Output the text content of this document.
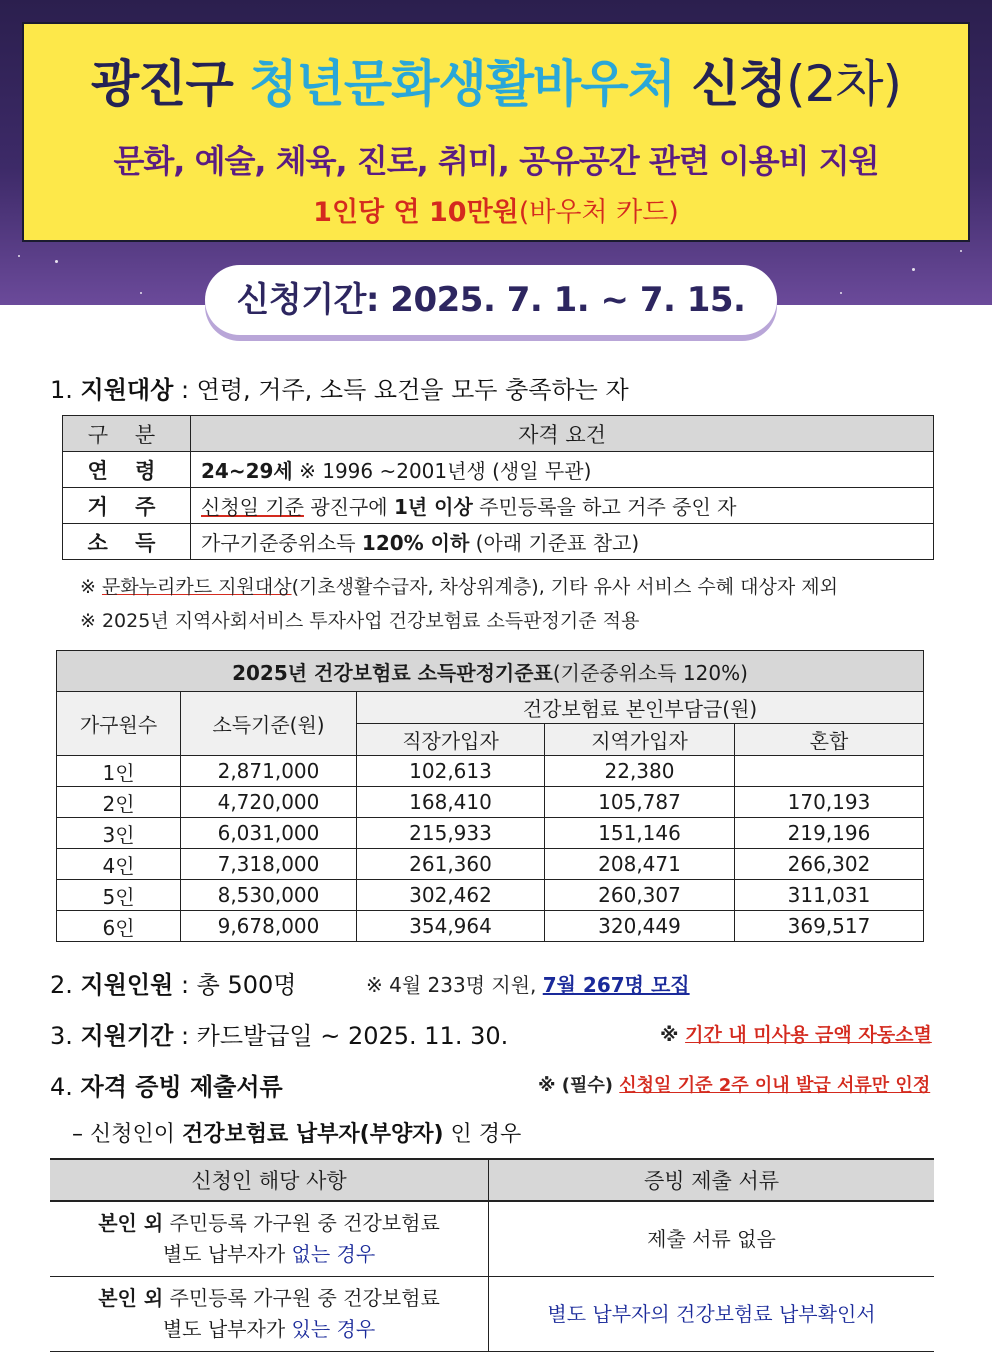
광진구 청년문화생활바우처 신청(2차)
문화, 예술, 체육, 진로, 취미, 공유공간 관련 이용비 지원
1인당 연 10만원(바우처 카드)
신청기간: 2025. 7. 1. ~ 7. 15.
1. 지원대상 : 연령, 거주, 소득 요건을 모두 충족하는 자
구 분	자격 요건
연 령	24~29세 ※ 1996 ~2001년생 (생일 무관)
거 주	신청일 기준 광진구에 1년 이상 주민등록을 하고 거주 중인 자
소 득	가구기준중위소득 120% 이하 (아래 기준표 참고)
※ 문화누리카드 지원대상(기초생활수급자, 차상위계층), 기타 유사 서비스 수혜 대상자 제외
※ 2025년 지역사회서비스 투자사업 건강보험료 소득판정기준 적용
2025년 건강보험료 소득판정기준표(기준중위소득 120%)				
가구원수	소득기준(원)	건강보험료 본인부담금(원)		
		직장가입자	지역가입자	혼합
1인	2,871,000	102,613	22,380	
2인	4,720,000	168,410	105,787	170,193
3인	6,031,000	215,933	151,146	219,196
4인	7,318,000	261,360	208,471	266,302
5인	8,530,000	302,462	260,307	311,031
6인	9,678,000	354,964	320,449	369,517
2. 지원인원 : 총 500명	※ 4월 233명 지원, 7월 267명 모집
3. 지원기간 : 카드발급일 ~ 2025. 11. 30.	※ 기간 내 미사용 금액 자동소멸
4. 자격 증빙 제출서류	※ (필수) 신청일 기준 2주 이내 발급 서류만 인정
– 신청인이 건강보험료 납부자(부양자) 인 경우
신청인 해당 사항	증빙 제출 서류

본인 외 주민등록 가구원 중 건강보험료
별도 납부자가 없는 경우	제출 서류 없음

본인 외 주민등록 가구원 중 건강보험료
별도 납부자가 있는 경우	별도 납부자의 건강보험료 납부확인서
